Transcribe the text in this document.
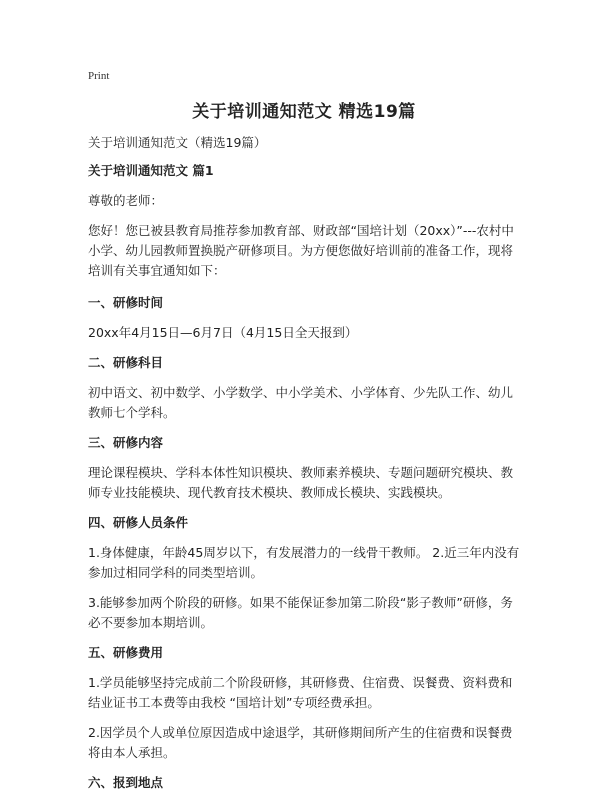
Print
关于培训通知范文 精选19篇

关于培训通知范文（精选19篇）

关于培训通知范文 篇1

尊敬的老师：

您好！您已被县教育局推荐参加教育部、财政部“国培计划（20xx）”---农村中小学、幼儿园教师置换脱产研修项目。为方便您做好培训前的准备工作，现将培训有关事宜通知如下：

一、研修时间

20xx年4月15日—6月7日（4月15日全天报到）

二、研修科目

初中语文、初中数学、小学数学、中小学美术、小学体育、少先队工作、幼儿教师七个学科。

三、研修内容

理论课程模块、学科本体性知识模块、教师素养模块、专题问题研究模块、教师专业技能模块、现代教育技术模块、教师成长模块、实践模块。

四、研修人员条件

1.身体健康，年龄45周岁以下，有发展潜力的一线骨干教师。 2.近三年内没有参加过相同学科的同类型培训。

3.能够参加两个阶段的研修。如果不能保证参加第二阶段“影子教师”研修，务必不要参加本期培训。

五、研修费用

1.学员能够坚持完成前二个阶段研修，其研修费、住宿费、误餐费、资料费和结业证书工本费等由我校 “国培计划”专项经费承担。

2.因学员个人或单位原因造成中途退学，其研修期间所产生的住宿费和误餐费将由本人承担。

六、报到地点
